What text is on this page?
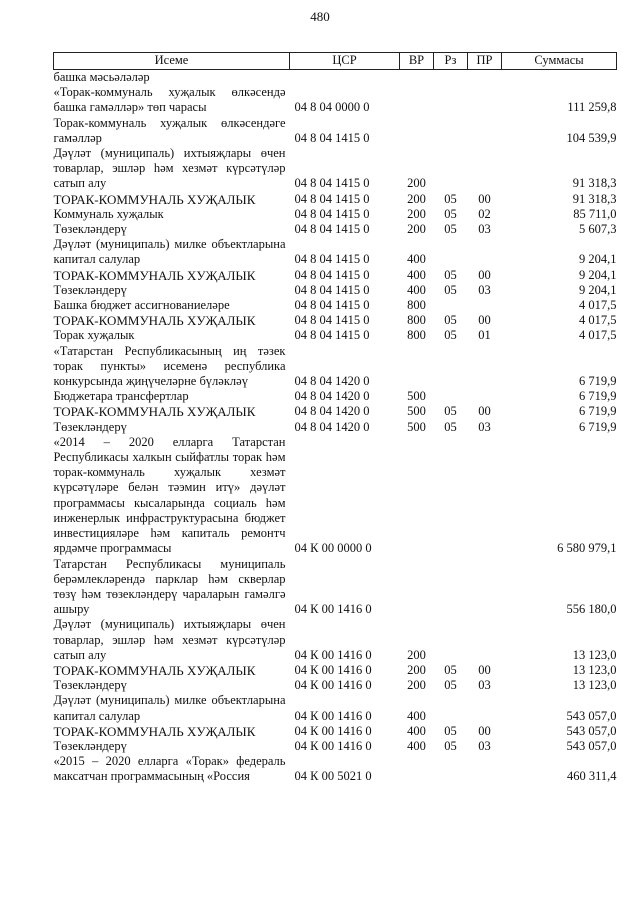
480
Исеме	ЦСР	ВР	Рз	ПР	Суммасы
башка мәсьәләләр					
«Торак-коммуналь хуҗалык өлкәсендә башка гамәлләр» төп чарасы	04 8 04 0000 0				111 259,8
Торак-коммуналь хуҗалык өлкәсендәге гамәлләр	04 8 04 1415 0				104 539,9
Дәүләт (муниципаль) ихтыяҗлары өчен товарлар, эшләр һәм хезмәт күрсәтүләр сатып алу	04 8 04 1415 0	200			91 318,3
ТОРАК-КОММУНАЛЬ ХУҖАЛЫК	04 8 04 1415 0	200	05	00	91 318,3
Коммуналь хуҗалык	04 8 04 1415 0	200	05	02	85 711,0
Төзекләндерү	04 8 04 1415 0	200	05	03	5 607,3
Дәүләт (муниципаль) милке объектларына капитал салулар	04 8 04 1415 0	400			9 204,1
ТОРАК-КОММУНАЛЬ ХУҖАЛЫК	04 8 04 1415 0	400	05	00	9 204,1
Төзекләндерү	04 8 04 1415 0	400	05	03	9 204,1
Башка бюджет ассигнованиеләре	04 8 04 1415 0	800			4 017,5
ТОРАК-КОММУНАЛЬ ХУҖАЛЫК	04 8 04 1415 0	800	05	00	4 017,5
Торак хуҗалык	04 8 04 1415 0	800	05	01	4 017,5
«Татарстан Республикасының иң тәзек торак пункты» исеменә республика конкурсында җиңүчеләрне бүләкләү	04 8 04 1420 0				6 719,9
Бюджетара трансфертлар	04 8 04 1420 0	500			6 719,9
ТОРАК-КОММУНАЛЬ ХУҖАЛЫК	04 8 04 1420 0	500	05	00	6 719,9
Төзекләндерү	04 8 04 1420 0	500	05	03	6 719,9
«2014 – 2020 елларга Татарстан Республикасы халкын сыйфатлы торак һәм торак-коммуналь хуҗалык хезмәт күрсәтүләре белән тәэмин итү» дәүләт программасы кысаларында социаль һәм инженерлык инфраструктурасына бюджет инвестицияләре һәм капиталь ремонтч ярдәмче программасы	04 К 00 0000 0				6 580 979,1
Татарстан Республикасы муниципаль берәмлекләрендә парклар һәм скверлар төзү һәм төзекләндерү чараларын гамәлгә ашыру	04 К 00 1416 0				556 180,0
Дәүләт (муниципаль) ихтыяҗлары өчен товарлар, эшләр һәм хезмәт күрсәтүләр сатып алу	04 К 00 1416 0	200			13 123,0
ТОРАК-КОММУНАЛЬ ХУҖАЛЫК	04 К 00 1416 0	200	05	00	13 123,0
Төзекләндерү	04 К 00 1416 0	200	05	03	13 123,0
Дәүләт (муниципаль) милке объектларына капитал салулар	04 К 00 1416 0	400			543 057,0
ТОРАК-КОММУНАЛЬ ХУҖАЛЫК	04 К 00 1416 0	400	05	00	543 057,0
Төзекләндерү	04 К 00 1416 0	400	05	03	543 057,0
«2015 – 2020 елларга «Торак» федераль максатчан программасының «Россия	04 К 00 5021 0				460 311,4
